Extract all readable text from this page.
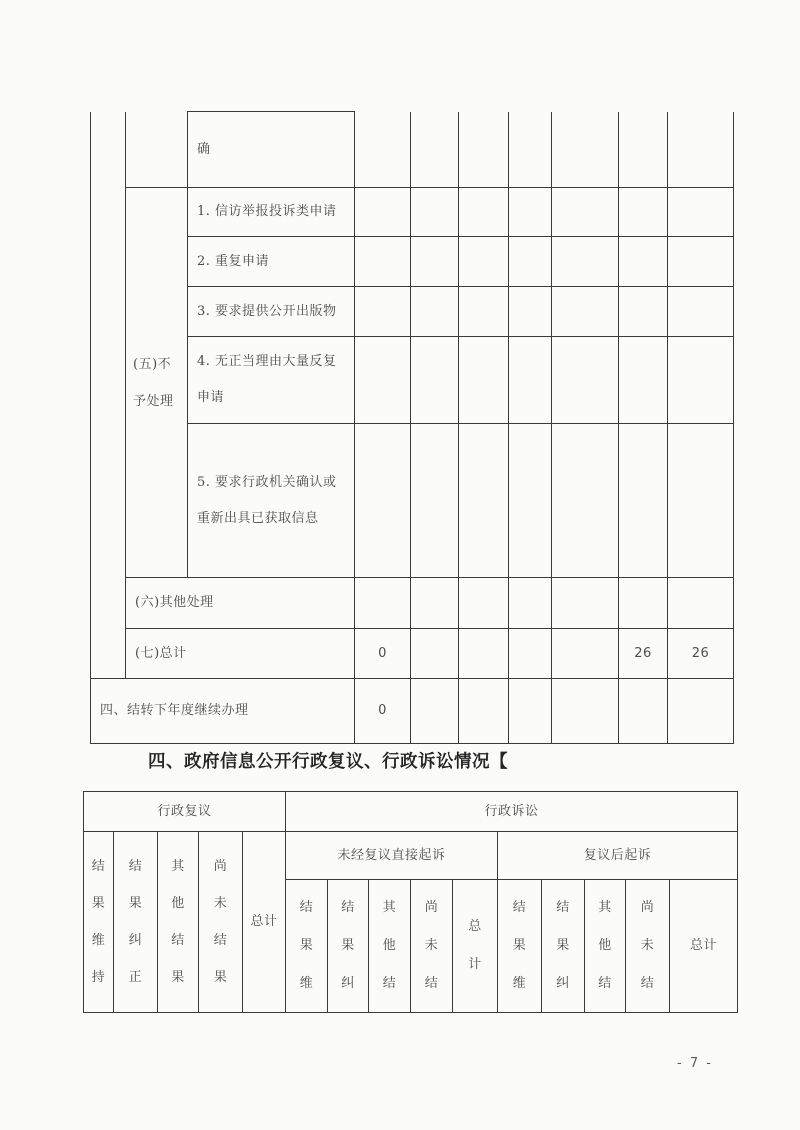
		确							

	(五)不予处理	1. 信访举报投诉类申请							
		2. 重复申请							
		3. 要求提供公开出版物							
		4. 无正当理由大量反复申请							
		5. 要求行政机关确认或重新出具已获取信息							
	(六)其他处理								
	(七)总计		0					26	26
四、结转下年度继续办理			0						
四、政府信息公开行政复议、行政诉讼情况【
行政复议					行政诉讼									

结果维持	结果纠正	其他结果	尚未结果	总计	未经复议直接起诉					复议后起诉				

					结果维	结果纠	其他结	尚未结	总计	结果维	结果纠	其他结	尚未结	总计
- 7 -
